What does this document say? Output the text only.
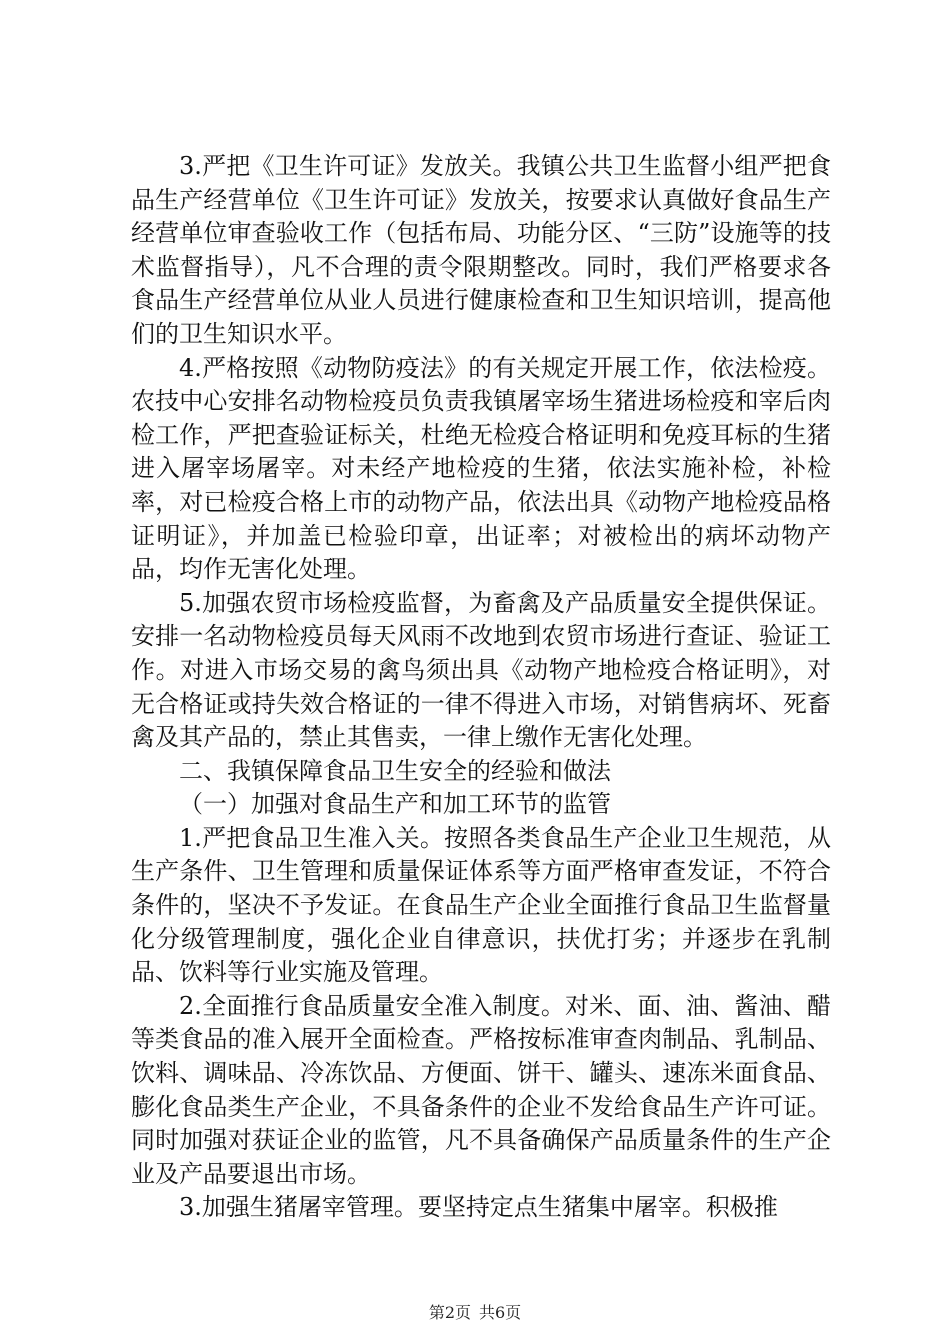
3.严把《卫生许可证》发放关。我镇公共卫生监督小组严把食品生产经营单位《卫生许可证》发放关，按要求认真做好食品生产经营单位审查验收工作（包括布局、功能分区、“三防”设施等的技术监督指导），凡不合理的责令限期整改。同时，我们严格要求各食品生产经营单位从业人员进行健康检查和卫生知识培训，提高他们的卫生知识水平。

4.严格按照《动物防疫法》的有关规定开展工作，依法检疫。农技中心安排名动物检疫员负责我镇屠宰场生猪进场检疫和宰后肉检工作，严把查验证标关，杜绝无检疫合格证明和免疫耳标的生猪进入屠宰场屠宰。对未经产地检疫的生猪，依法实施补检，补检率，对已检疫合格上市的动物产品，依法出具《动物产地检疫品格证明证》，并加盖已检验印章，出证率；对被检出的病坏动物产品，均作无害化处理。

5.加强农贸市场检疫监督，为畜禽及产品质量安全提供保证。安排一名动物检疫员每天风雨不改地到农贸市场进行查证、验证工作。对进入市场交易的禽鸟须出具《动物产地检疫合格证明》，对无合格证或持失效合格证的一律不得进入市场，对销售病坏、死畜禽及其产品的，禁止其售卖，一律上缴作无害化处理。

二、我镇保障食品卫生安全的经验和做法

（一）加强对食品生产和加工环节的监管

1.严把食品卫生准入关。按照各类食品生产企业卫生规范，从生产条件、卫生管理和质量保证体系等方面严格审查发证，不符合条件的，坚决不予发证。在食品生产企业全面推行食品卫生监督量化分级管理制度，强化企业自律意识，扶优打劣；并逐步在乳制品、饮料等行业实施及管理。

2.全面推行食品质量安全准入制度。对米、面、油、酱油、醋等类食品的准入展开全面检查。严格按标准审查肉制品、乳制品、饮料、调味品、冷冻饮品、方便面、饼干、罐头、速冻米面食品、膨化食品类生产企业，不具备条件的企业不发给食品生产许可证。同时加强对获证企业的监管，凡不具备确保产品质量条件的生产企业及产品要退出市场。

3.加强生猪屠宰管理。要坚持定点生猪集中屠宰。积极推

第2页 共6页
